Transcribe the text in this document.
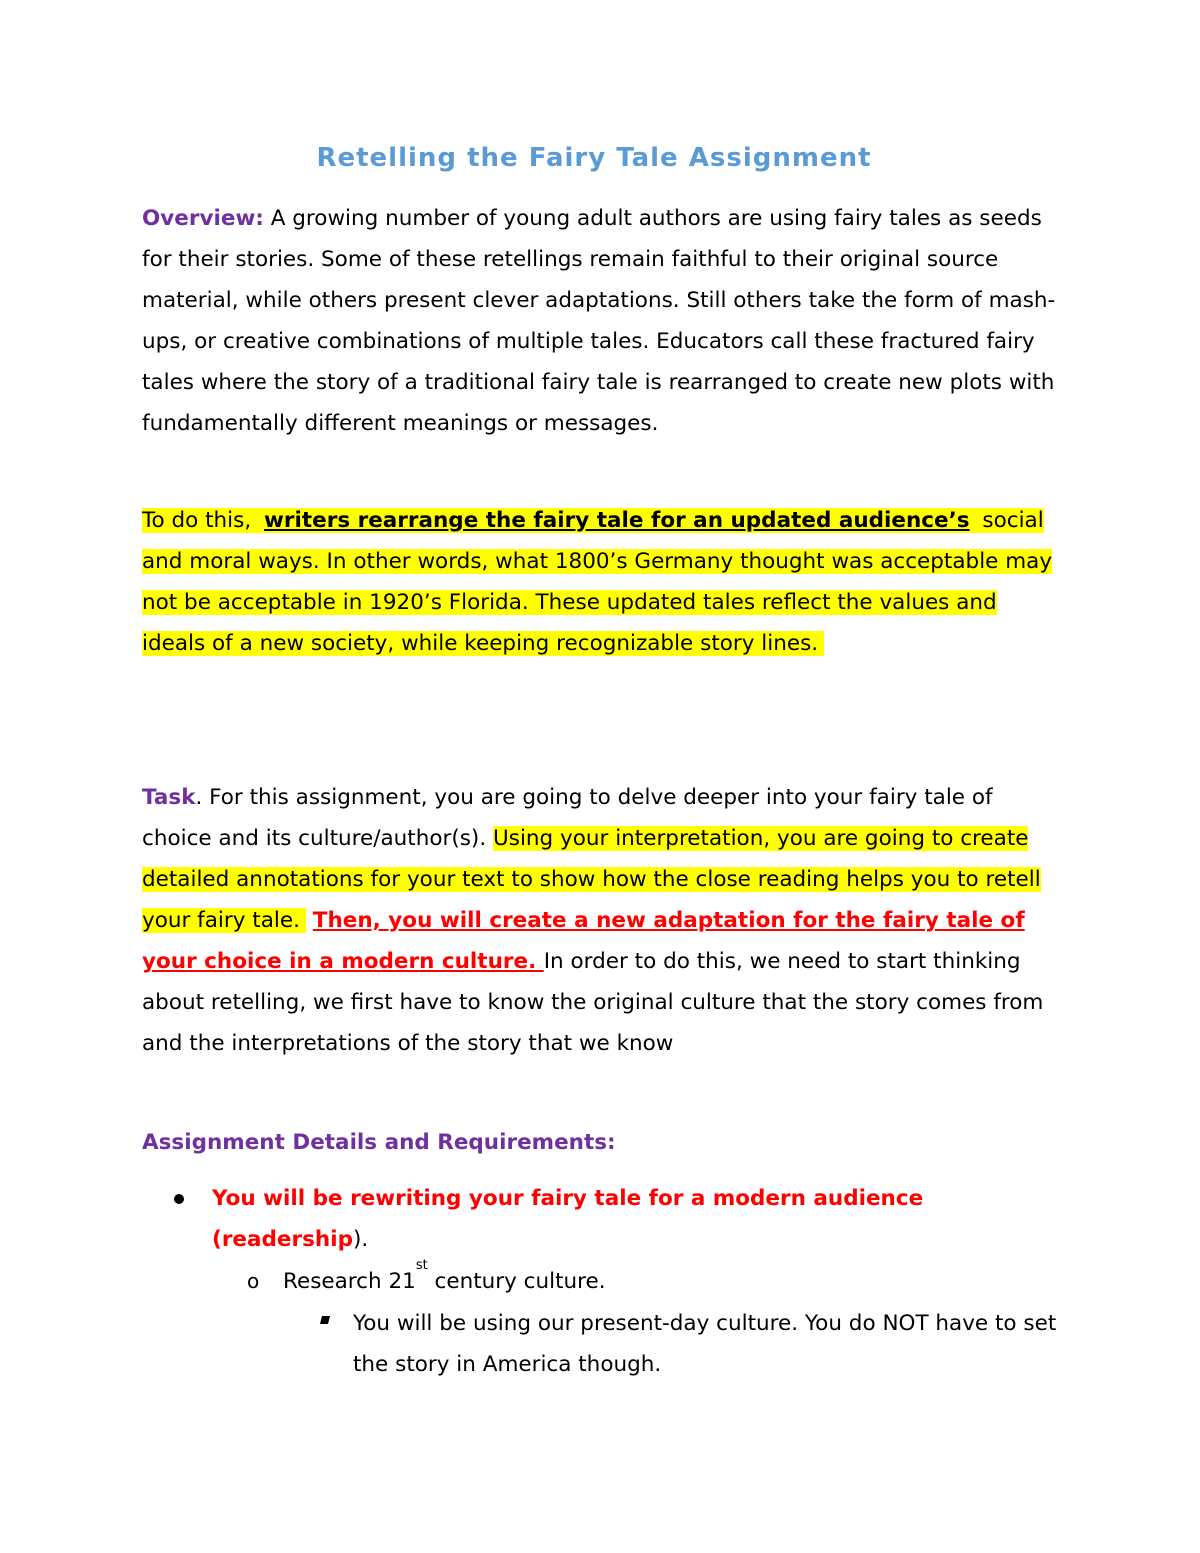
Retelling the Fairy Tale Assignment

Overview: A growing number of young adult authors are using fairy tales as seeds for their stories. Some of these retellings remain faithful to their original source material, while others present clever adaptations. Still others take the form of mash-ups, or creative combinations of multiple tales. Educators call these fractured fairy tales where the story of a traditional fairy tale is rearranged to create new plots with fundamentally different meanings or messages.

To do this, writers rearrange the fairy tale for an updated audience’s social and moral ways. In other words, what 1800’s Germany thought was acceptable may not be acceptable in 1920’s Florida. These updated tales reflect the values and ideals of a new society, while keeping recognizable story lines.

Task. For this assignment, you are going to delve deeper into your fairy tale of choice and its culture/author(s). Using your interpretation, you are going to create detailed annotations for your text to show how the close reading helps you to retell your fairy tale. Then, you will create a new adaptation for the fairy tale of your choice in a modern culture. In order to do this, we need to start thinking about retelling, we first have to know the original culture that the story comes from and the interpretations of the story that we know

Assignment Details and Requirements:
You will be rewriting your fairy tale for a modern audience (readership).
o Research 21st century culture.
You will be using our present-day culture. You do NOT have to set the story in America though.
